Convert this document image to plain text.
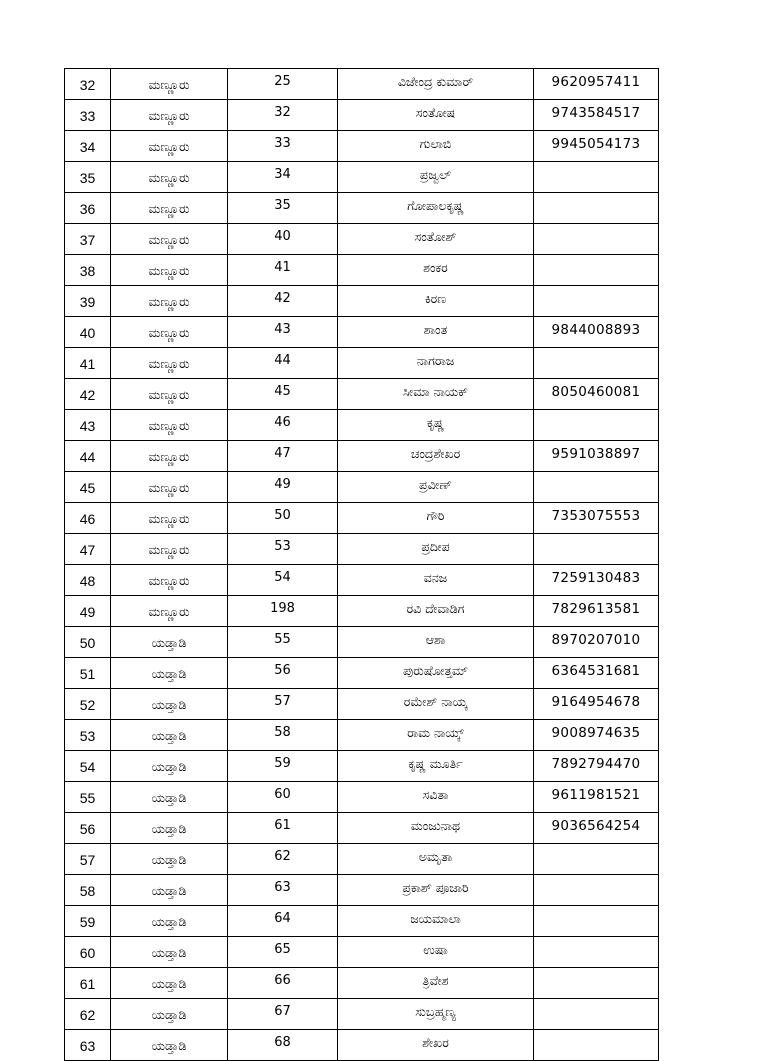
32	ಮಣ್ಣೂರು	25	ವಿಜೇಂದ್ರ ಕುಮಾರ್	9620957411
33	ಮಣ್ಣೂರು	32	ಸಂತೋಷ	9743584517
34	ಮಣ್ಣೂರು	33	ಗುಲಾಬಿ	9945054173
35	ಮಣ್ಣೂರು	34	ಪ್ರಜ್ವಲ್	
36	ಮಣ್ಣೂರು	35	ಗೋಪಾಲಕೃಷ್ಣ	
37	ಮಣ್ಣೂರು	40	ಸಂತೋಶ್	
38	ಮಣ್ಣೂರು	41	ಶಂಕರ	
39	ಮಣ್ಣೂರು	42	ಕಿರಣ	
40	ಮಣ್ಣೂರು	43	ಶಾಂತ	9844008893
41	ಮಣ್ಣೂರು	44	ನಾಗರಾಜ	
42	ಮಣ್ಣೂರು	45	ಸೀಮಾ ನಾಯಕ್	8050460081
43	ಮಣ್ಣೂರು	46	ಕೃಷ್ಣ	
44	ಮಣ್ಣೂರು	47	ಚಂದ್ರಶೇಖರ	9591038897
45	ಮಣ್ಣೂರು	49	ಪ್ರವೀಣ್	
46	ಮಣ್ಣೂರು	50	ಗೌರಿ	7353075553
47	ಮಣ್ಣೂರು	53	ಪ್ರದೀಪ	
48	ಮಣ್ಣೂರು	54	ವನಜ	7259130483
49	ಮಣ್ಣೂರು	198	ರವಿ ದೇವಾಡಿಗ	7829613581
50	ಯಡ್ತಾಡಿ	55	ಆಶಾ	8970207010
51	ಯಡ್ತಾಡಿ	56	ಪುರುಷೋತ್ತಮ್	6364531681
52	ಯಡ್ತಾಡಿ	57	ರಮೇಶ್ ನಾಯ್ಕ	9164954678
53	ಯಡ್ತಾಡಿ	58	ರಾಮ ನಾಯ್ಕ್	9008974635
54	ಯಡ್ತಾಡಿ	59	ಕೃಷ್ಣ ಮೂರ್ತಿ	7892794470
55	ಯಡ್ತಾಡಿ	60	ಸವಿತಾ	9611981521
56	ಯಡ್ತಾಡಿ	61	ಮಂಜುನಾಥ	9036564254
57	ಯಡ್ತಾಡಿ	62	ಅಮೃತಾ	
58	ಯಡ್ತಾಡಿ	63	ಪ್ರಕಾಶ್ ಪೂಜಾರಿ	
59	ಯಡ್ತಾಡಿ	64	ಜಯಮಾಲಾ	
60	ಯಡ್ತಾಡಿ	65	ಉಷಾ	
61	ಯಡ್ತಾಡಿ	66	ತ್ರಿವೇಶ	
62	ಯಡ್ತಾಡಿ	67	ಸುಬ್ರಹ್ಮಣ್ಯ	
63	ಯಡ್ತಾಡಿ	68	ಶೇಖರ	
